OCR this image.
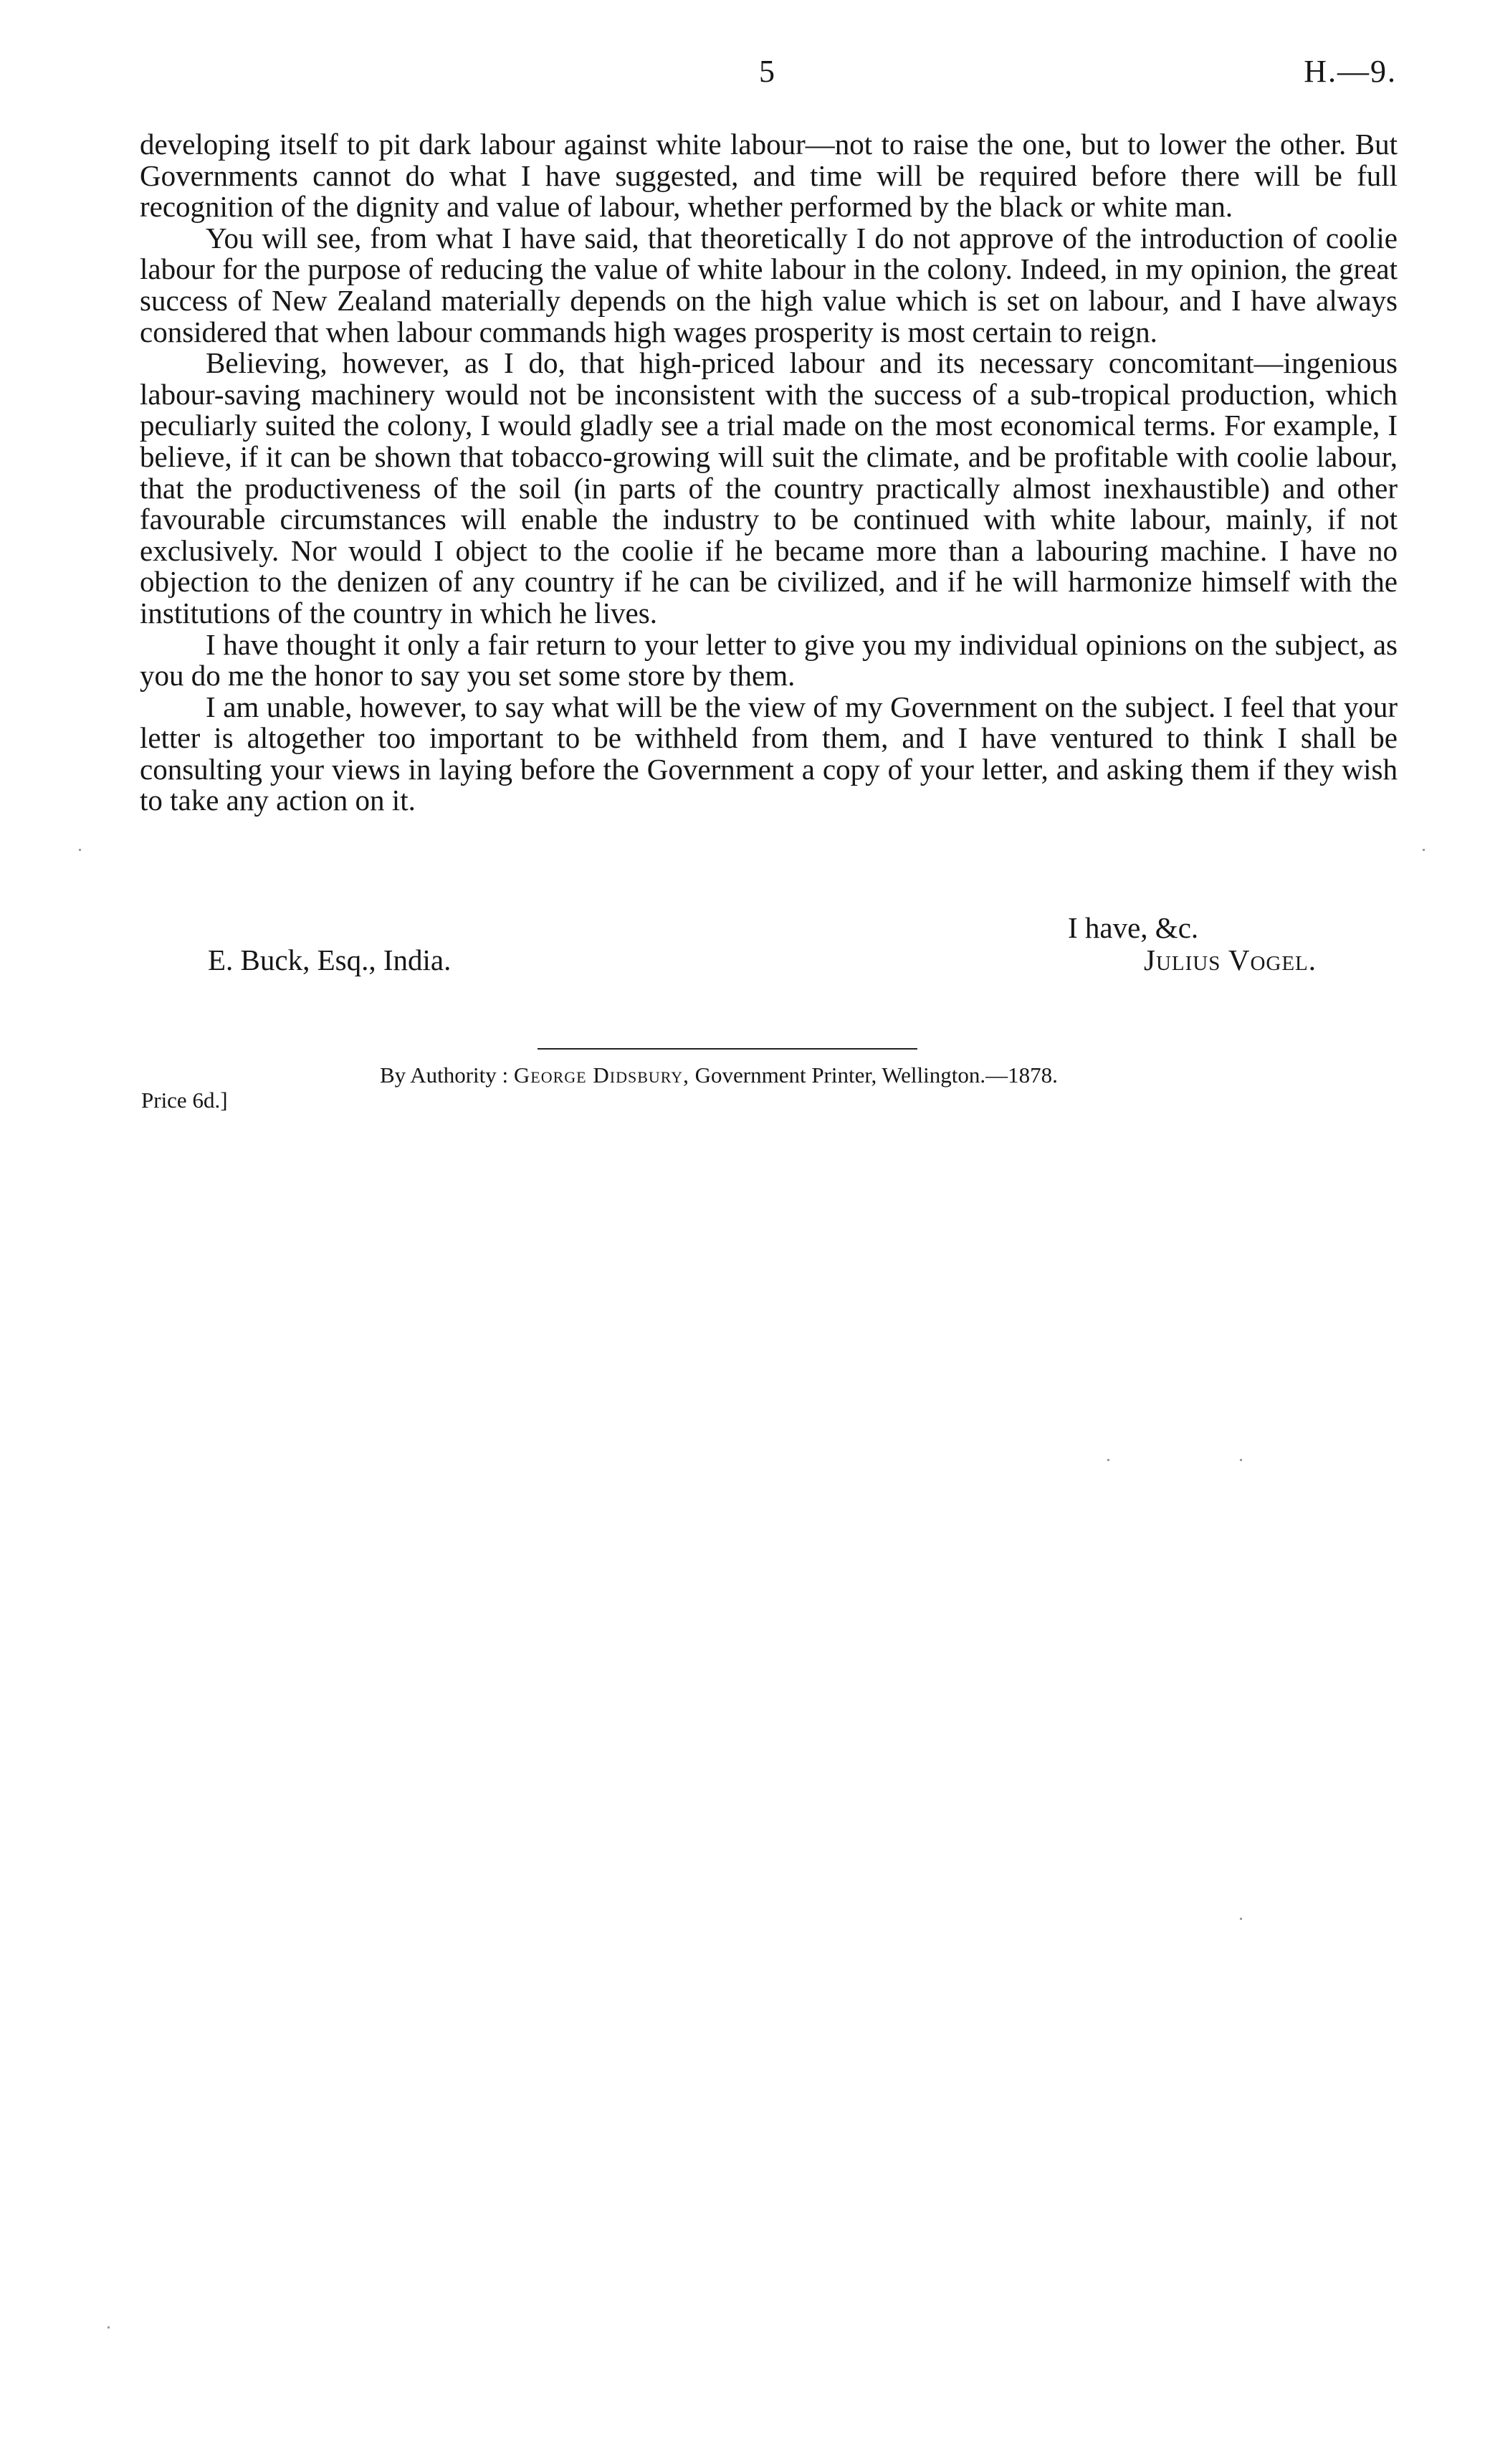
5	H.—9.

developing itself to pit dark labour against white labour—not to raise the one, but to lower the other. But Governments cannot do what I have suggested, and time will be required before there will be full recognition of the dignity and value of labour, whether performed by the black or white man.

You will see, from what I have said, that theoretically I do not approve of the introduction of coolie labour for the purpose of reducing the value of white labour in the colony. Indeed, in my opinion, the great success of New Zealand materially depends on the high value which is set on labour, and I have always considered that when labour commands high wages prosperity is most certain to reign.

Believing, however, as I do, that high-priced labour and its necessary concomitant—ingenious labour-saving machinery would not be inconsistent with the success of a sub-tropical production, which peculiarly suited the colony, I would gladly see a trial made on the most economical terms. For example, I believe, if it can be shown that tobacco-growing will suit the climate, and be profitable with coolie labour, that the productiveness of the soil (in parts of the country practically almost inexhaustible) and other favourable circumstances will enable the industry to be continued with white labour, mainly, if not exclusively. Nor would I object to the coolie if he became more than a labouring machine. I have no objection to the denizen of any country if he can be civilized, and if he will harmonize himself with the institutions of the country in which he lives.

I have thought it only a fair return to your letter to give you my individual opinions on the subject, as you do me the honor to say you set some store by them.

I am unable, however, to say what will be the view of my Government on the subject. I feel that your letter is altogether too important to be withheld from them, and I have ventured to think I shall be consulting your views in laying before the Government a copy of your letter, and asking them if they wish to take any action on it.

I have, &c.
E. Buck, Esq., India.	Julius Vogel.
By Authority : George Didsbury, Government Printer, Wellington.—1878.
Price 6d.]
